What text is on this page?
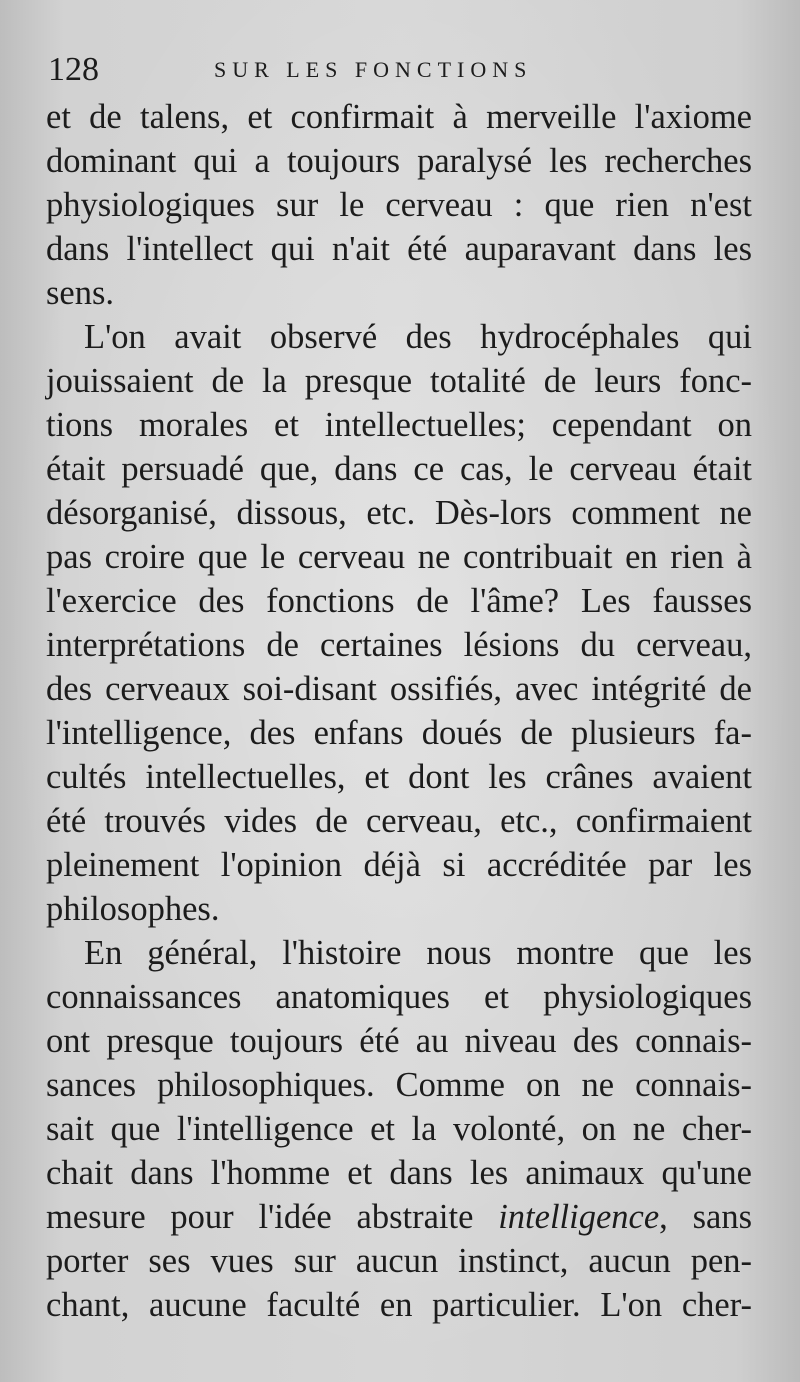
128	SUR LES FONCTIONS
et de talens, et confirmait à merveille l'axiome
dominant qui a toujours paralysé les recherches
physiologiques sur le cerveau : que rien n'est
dans l'intellect qui n'ait été auparavant dans les
sens.
L'on avait observé des hydrocéphales qui
jouissaient de la presque totalité de leurs fonc-
tions morales et intellectuelles; cependant on
était persuadé que, dans ce cas, le cerveau était
désorganisé, dissous, etc. Dès-lors comment ne
pas croire que le cerveau ne contribuait en rien à
l'exercice des fonctions de l'âme? Les fausses
interprétations de certaines lésions du cerveau,
des cerveaux soi-disant ossifiés, avec intégrité de
l'intelligence, des enfans doués de plusieurs fa-
cultés intellectuelles, et dont les crânes avaient
été trouvés vides de cerveau, etc., confirmaient
pleinement l'opinion déjà si accréditée par les
philosophes.
En général, l'histoire nous montre que les
connaissances anatomiques et physiologiques
ont presque toujours été au niveau des connais-
sances philosophiques. Comme on ne connais-
sait que l'intelligence et la volonté, on ne cher-
chait dans l'homme et dans les animaux qu'une
mesure pour l'idée abstraite intelligence, sans
porter ses vues sur aucun instinct, aucun pen-
chant, aucune faculté en particulier. L'on cher-
